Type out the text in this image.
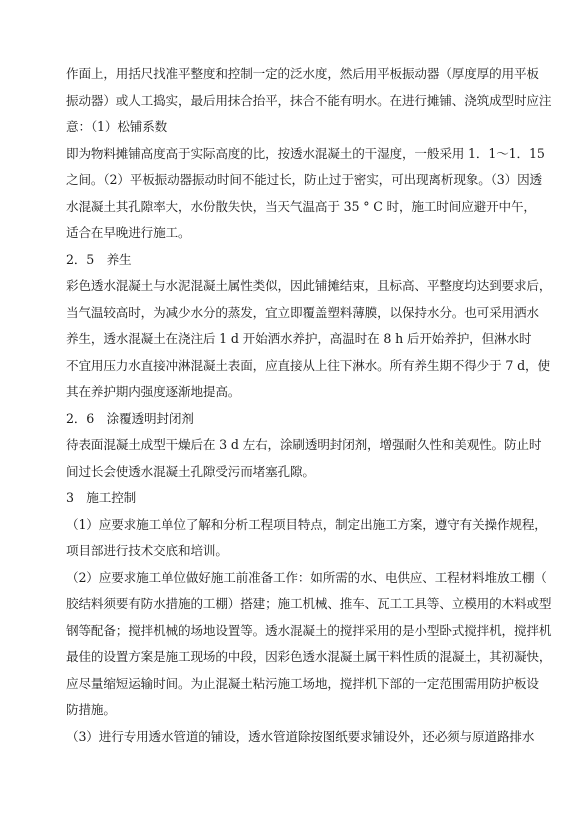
作面上，用括尺找准平整度和控制一定的泛水度，然后用平板振动器（厚度厚的用平板
振动器）或人工捣实，最后用抹合抬平，抹合不能有明水。在进行摊铺、浇筑成型时应注
意：（1）松铺系数
即为物料摊铺高度高于实际高度的比，按透水混凝土的干湿度，一般采用 1．1～1．15
之间。（2）平板振动器振动时间不能过长，防止过于密实，可出现离析现象。（3）因透
水混凝土其孔隙率大，水份散失快，当天气温高于 35 ° C 时，施工时间应避开中午，
适合在早晚进行施工。
2．5　养生
彩色透水混凝土与水泥混凝土属性类似，因此铺摊结束，且标高、平整度均达到要求后，
当气温较高时，为减少水分的蒸发，宜立即覆盖塑料薄膜，以保持水分。也可采用洒水
养生，透水混凝土在浇注后 1 d 开始洒水养护，高温时在 8 h 后开始养护，但淋水时
不宜用压力水直接冲淋混凝土表面，应直接从上往下淋水。所有养生期不得少于 7 d，使
其在养护期内强度逐渐地提高。
2．6　涂覆透明封闭剂
待表面混凝土成型干燥后在 3 d 左右，涂刷透明封闭剂，增强耐久性和美观性。防止时
间过长会使透水混凝土孔隙受污而堵塞孔隙。
3　施工控制
（1）应要求施工单位了解和分析工程项目特点，制定出施工方案，遵守有关操作规程，
项目部进行技术交底和培训。
（2）应要求施工单位做好施工前准备工作：如所需的水、电供应、工程材料堆放工棚（
胶结料须要有防水措施的工棚）搭建；施工机械、推车、瓦工工具等、立模用的木料或型
钢等配备；搅拌机械的场地设置等。透水混凝土的搅拌采用的是小型卧式搅拌机，搅拌机
最佳的设置方案是施工现场的中段，因彩色透水混凝土属干料性质的混凝土，其初凝快，
应尽量缩短运输时间。为止混凝土粘污施工场地，搅拌机下部的一定范围需用防护板设
防措施。
（3）进行专用透水管道的铺设，透水管道除按图纸要求铺设外，还必须与原道路排水
